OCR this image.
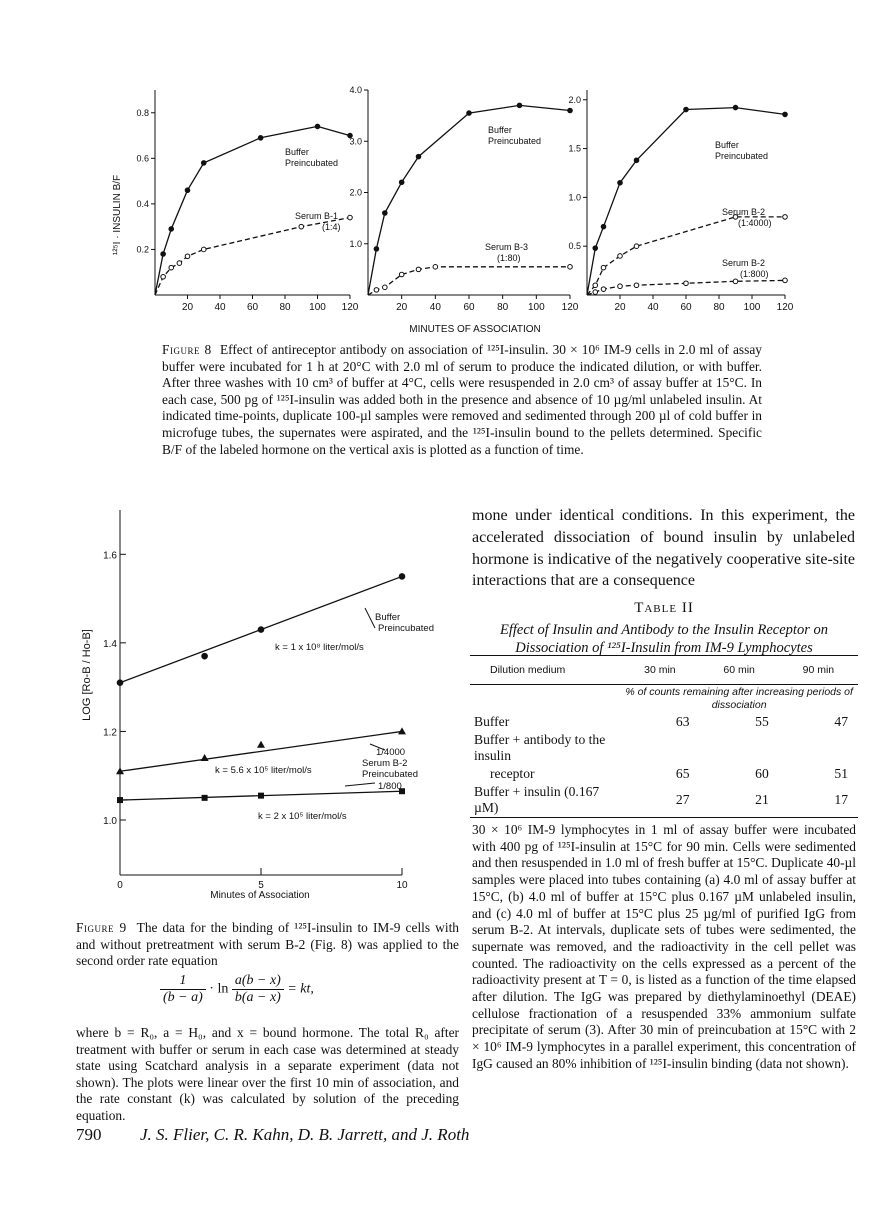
20 40 60 80 100 120
0.2
0.4
0.6
0.8
20 40 60 80 100 120
1.0
2.0
3.0
4.0
20 40 60 80 100 120
0.5
1.0
1.5
2.0
¹²⁵I · INSULIN B/F
MINUTES OF ASSOCIATION
Buffer
Preincubated
Serum B-1
(1:4)
Buffer
Preincubated
Serum B-3
(1:80)
Buffer
Preincubated
Serum B-2
(1:4000)
Serum B-2
(1:800)
Figure 8 Effect of antireceptor antibody on association of ¹²⁵I-insulin. 30 × 10⁶ IM-9 cells in 2.0 ml of assay buffer were incubated for 1 h at 20°C with 2.0 ml of serum to produce the indicated dilution, or with buffer. After three washes with 10 cm³ of buffer at 4°C, cells were resuspended in 2.0 cm³ of assay buffer at 15°C. In each case, 500 pg of ¹²⁵I-insulin was added both in the presence and absence of 10 µg/ml unlabeled insulin. At indicated time-points, duplicate 100-µl samples were removed and sedimented through 200 µl of cold buffer in microfuge tubes, the supernates were aspirated, and the ¹²⁵I-insulin bound to the pellets determined. Specific B/F of the labeled hormone on the vertical axis is plotted as a function of time.
0	5	10
1.0
1.2
1.4
1.6
LOG [Ro-B / Ho-B]
Minutes of Association
Buffer
Preincubated
k = 1 x 10⁸ liter/mol/s
1/4000
Serum B-2
Preincubated
1/800
k = 5.6 x 10⁵ liter/mol/s
k = 2 x 10⁵ liter/mol/s
Figure 9 The data for the binding of ¹²⁵I-insulin to IM-9 cells with and without pretreatment with serum B-2 (Fig. 8) was applied to the second order rate equation
$\frac{1}{(b - a)} \cdot \ln \frac{a(b - x)}{b(a - x)}$ = kt,
where b = R₀, a = H₀, and x = bound hormone. The total R₀ after treatment with buffer or serum in each case was determined at steady state using Scatchard analysis in a separate experiment (data not shown). The plots were linear over the first 10 min of association, and the rate constant (k) was calculated by solution of the preceding equation.
mone under identical conditions. In this experiment, the accelerated dissociation of bound insulin by unlabeled hormone is indicative of the negatively cooperative site-site interactions that are a consequence
Table II
Effect of Insulin and Antibody to the Insulin Receptor on Dissociation of ¹²⁵I-Insulin from IM-9 Lymphocytes
Dilution medium	30 min	60 min	90 min
	% of counts remaining after increasing periods of dissociation		
Buffer	63	55	47
Buffer + antibody to the insulin			
receptor	65	60	51
Buffer + insulin (0.167 µM)	27	21	17
30 × 10⁶ IM-9 lymphocytes in 1 ml of assay buffer were incubated with 400 pg of ¹²⁵I-insulin at 15°C for 90 min. Cells were sedimented and then resuspended in 1.0 ml of fresh buffer at 15°C. Duplicate 40-µl samples were placed into tubes containing (a) 4.0 ml of assay buffer at 15°C, (b) 4.0 ml of buffer at 15°C plus 0.167 µM unlabeled insulin, and (c) 4.0 ml of buffer at 15°C plus 25 µg/ml of purified IgG from serum B-2. At intervals, duplicate sets of tubes were sedimented, the supernate was removed, and the radioactivity in the cell pellet was counted. The radioactivity on the cells expressed as a percent of the radioactivity present at T = 0, is listed as a function of the time elapsed after dilution. The IgG was prepared by diethylaminoethyl (DEAE) cellulose fractionation of a resuspended 33% ammonium sulfate precipitate of serum (3). After 30 min of preincubation at 15°C with 2 × 10⁶ IM-9 lymphocytes in a parallel experiment, this concentration of IgG caused an 80% inhibition of ¹²⁵I-insulin binding (data not shown).
790 J. S. Flier, C. R. Kahn, D. B. Jarrett, and J. Roth
